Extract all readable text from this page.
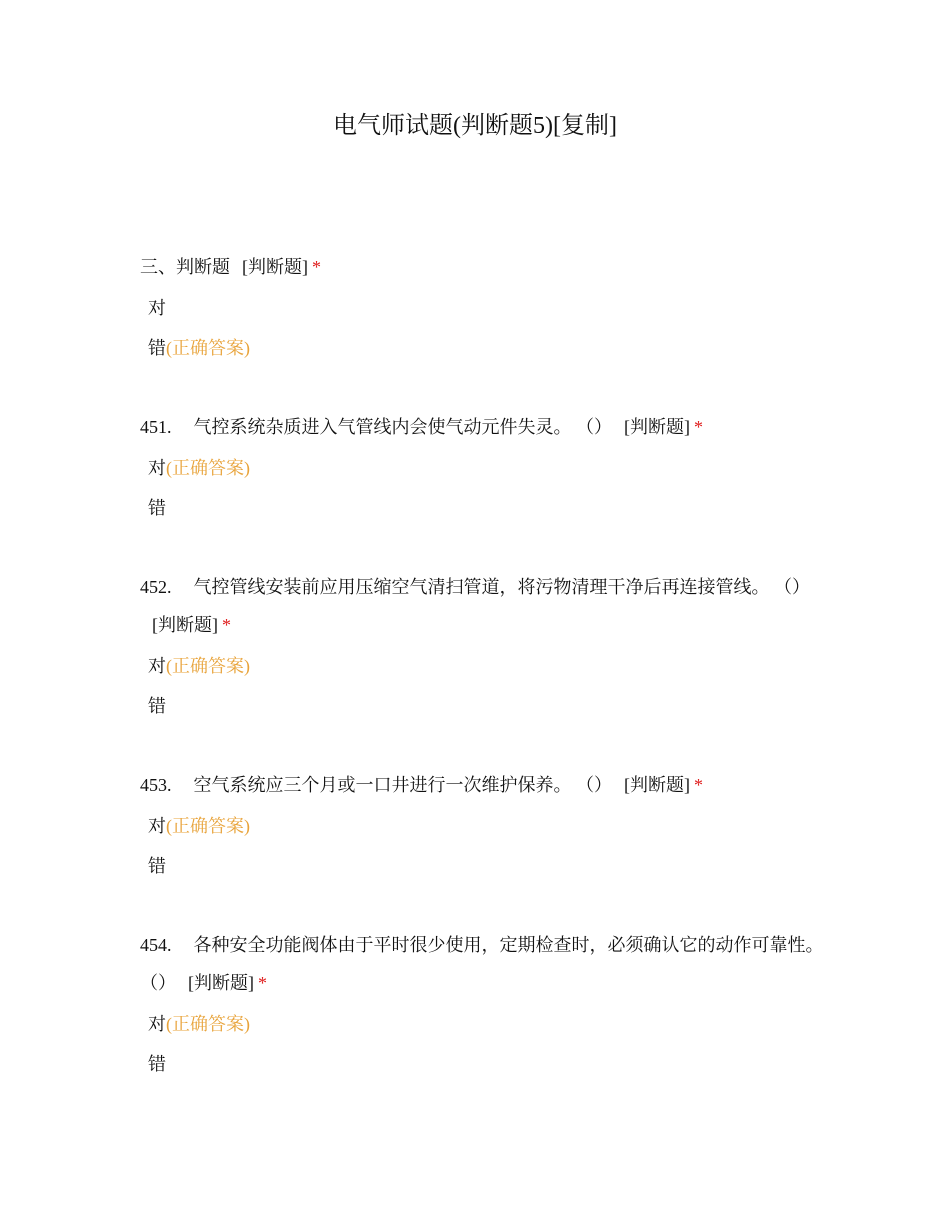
电气师试题(判断题5)[复制]
三、判断题 [判断题] *
对
错(正确答案)
451. 气控系统杂质进入气管线内会使气动元件失灵。 （） [判断题] *
对(正确答案)
错
452. 气控管线安装前应用压缩空气清扫管道，将污物清理干净后再连接管线。 （）[判断题] *
对(正确答案)
错
453. 空气系统应三个月或一口井进行一次维护保养。 （） [判断题] *
对(正确答案)
错
454. 各种安全功能阀体由于平时很少使用，定期检查时，必须确认它的动作可靠性。 （） [判断题] *
对(正确答案)
错
